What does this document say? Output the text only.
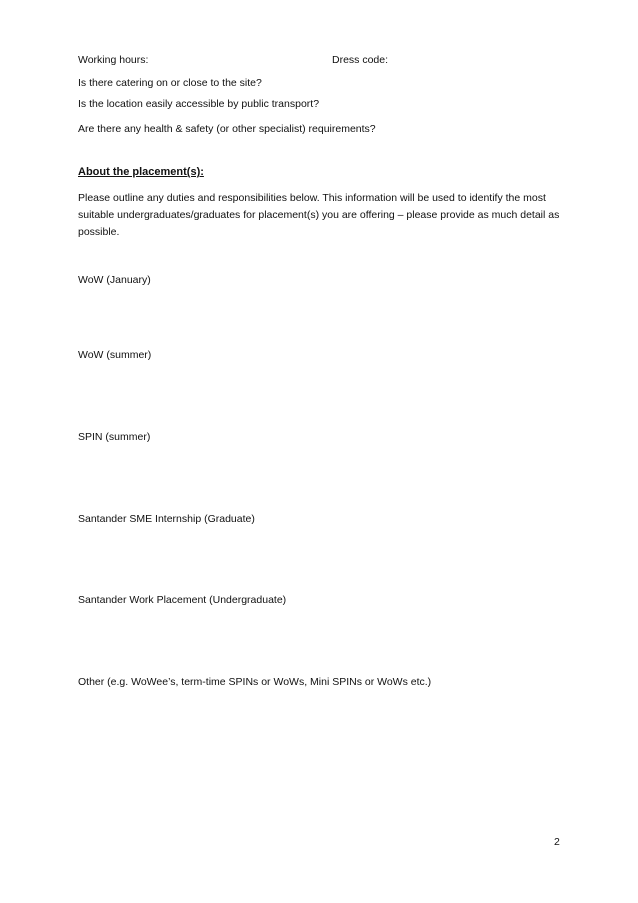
Working hours:	Dress code:

Is there catering on or close to the site?

Is the location easily accessible by public transport?

Are there any health & safety (or other specialist) requirements?

About the placement(s):

Please outline any duties and responsibilities below. This information will be used to identify the most suitable undergraduates/graduates for placement(s) you are offering – please provide as much detail as possible.

WoW (January)

WoW (summer)

SPIN (summer)

Santander SME Internship (Graduate)

Santander Work Placement (Undergraduate)

Other (e.g. WoWee’s, term-time SPINs or WoWs, Mini SPINs or WoWs etc.)

2
